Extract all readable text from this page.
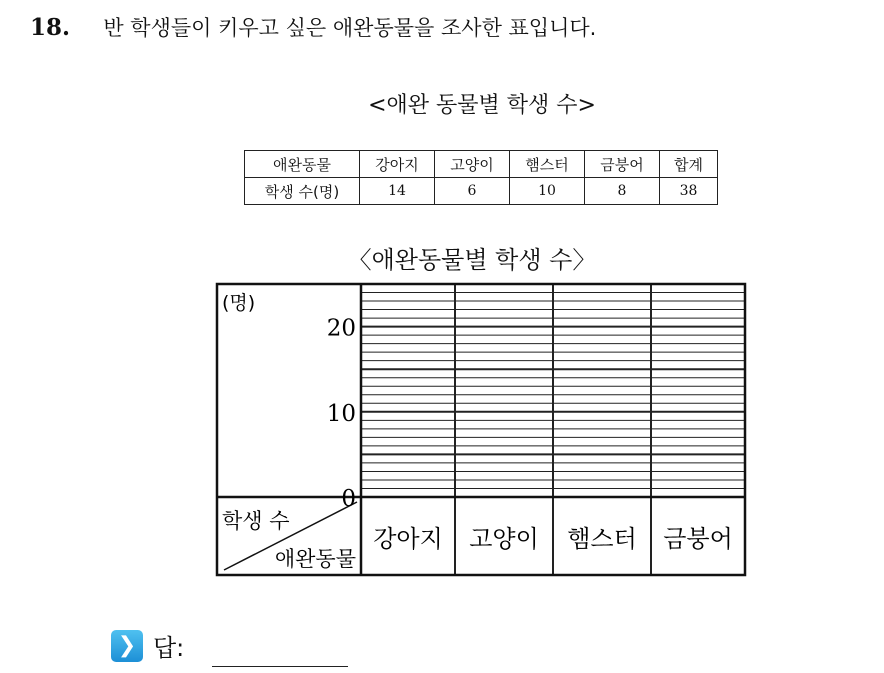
18. 반 학생들이 키우고 싶은 애완동물을 조사한 표입니다.
<애완 동물별 학생 수>
애완동물	강아지	고양이	햄스터	금붕어	합계
학생 수(명)	14	6	10	8	38
〈애완동물별 학생 수〉
(명)
20
10
0
학생 수
애완동물
강아지 고양이 햄스터 금붕어
❯ 답:
